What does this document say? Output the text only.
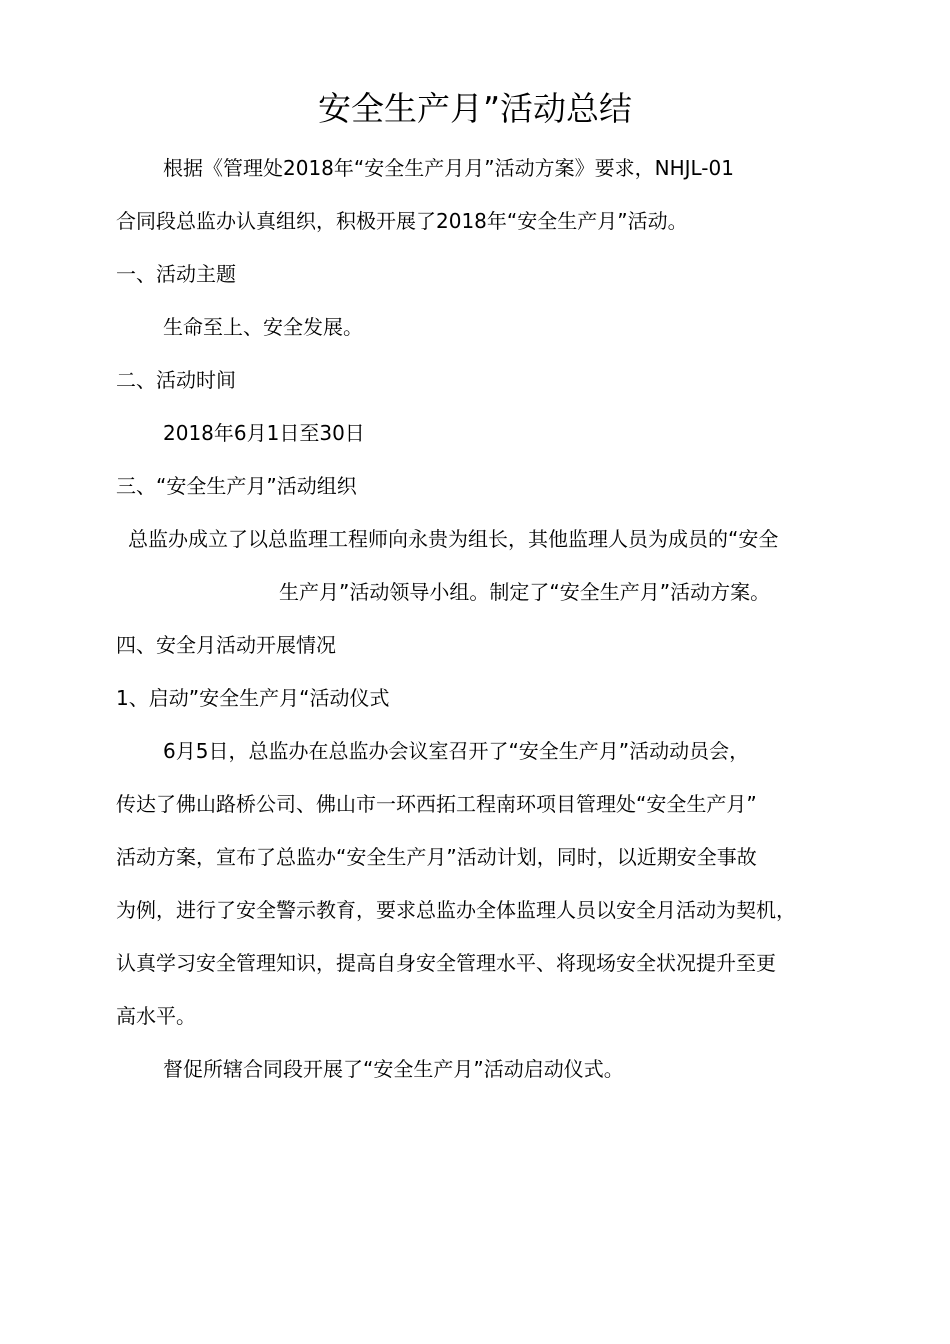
安全生产月”活动总结
根据《管理处2018年“安全生产月月”活动方案》要求，NHJL-01
合同段总监办认真组织，积极开展了2018年“安全生产月”活动。
一、活动主题
生命至上、安全发展。
二、活动时间
2018年6月1日至30日
三、“安全生产月”活动组织
总监办成立了以总监理工程师向永贵为组长，其他监理人员为成员的“安全
生产月”活动领导小组。制定了“安全生产月”活动方案。
四、安全月活动开展情况
1、启动”安全生产月“活动仪式
6月5日，总监办在总监办会议室召开了“安全生产月”活动动员会，
传达了佛山路桥公司、佛山市一环西拓工程南环项目管理处“安全生产月”
活动方案，宣布了总监办“安全生产月”活动计划，同时，以近期安全事故
为例，进行了安全警示教育，要求总监办全体监理人员以安全月活动为契机，
认真学习安全管理知识，提高自身安全管理水平、将现场安全状况提升至更
高水平。
督促所辖合同段开展了“安全生产月”活动启动仪式。
